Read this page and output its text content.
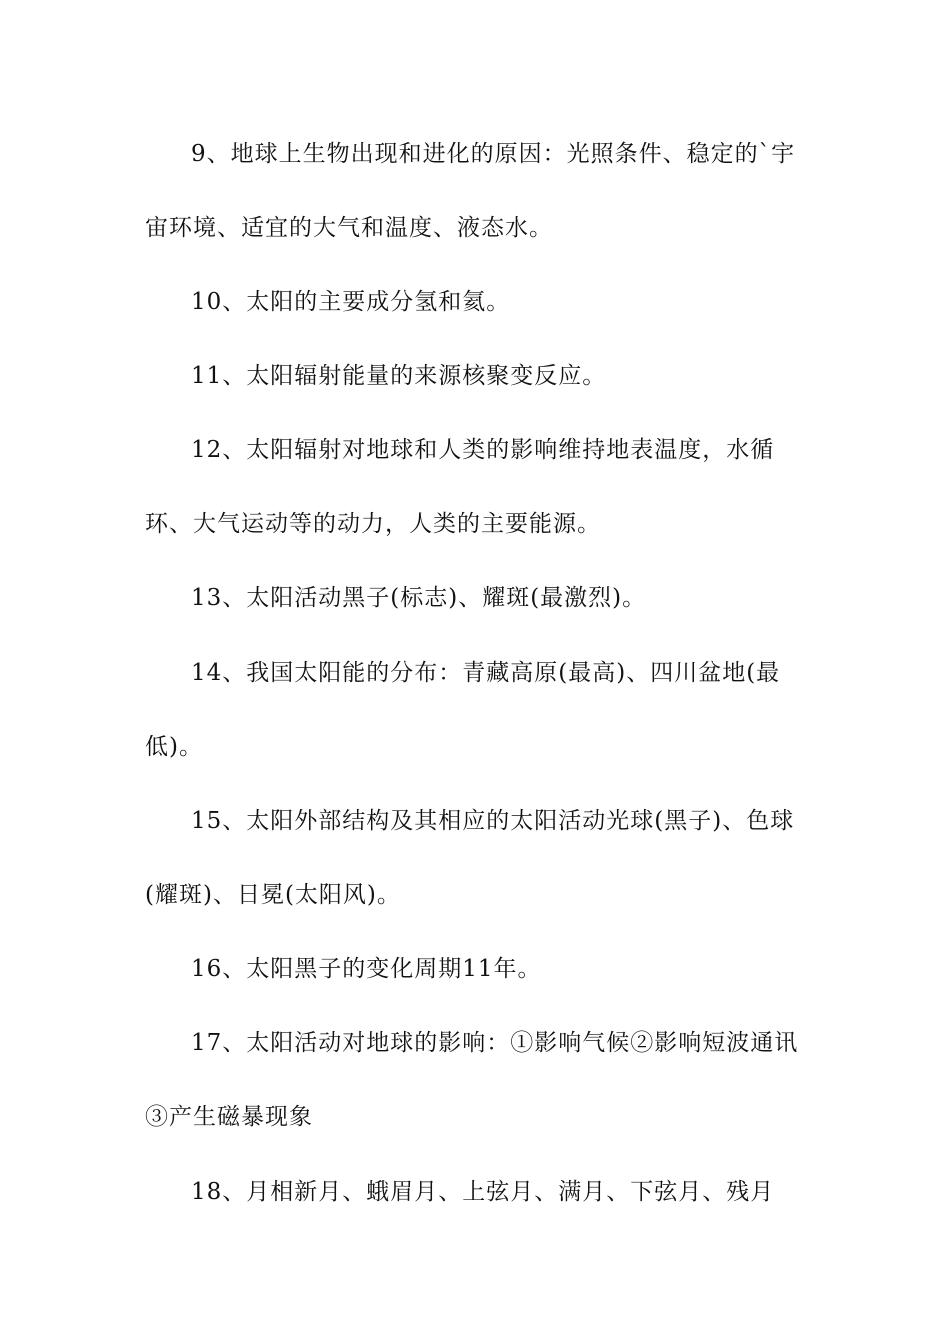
9、地球上生物出现和进化的原因：光照条件、稳定的`宇宙环境、适宜的大气和温度、液态水。

10、太阳的主要成分氢和氦。

11、太阳辐射能量的来源核聚变反应。

12、太阳辐射对地球和人类的影响维持地表温度，水循环、大气运动等的动力，人类的主要能源。

13、太阳活动黑子(标志)、耀斑(最激烈)。

14、我国太阳能的分布：青藏高原(最高)、四川盆地(最低)。

15、太阳外部结构及其相应的太阳活动光球(黑子)、色球(耀斑)、日冕(太阳风)。

16、太阳黑子的变化周期11年。

17、太阳活动对地球的影响：①影响气候②影响短波通讯③产生磁暴现象

18、月相新月、蛾眉月、上弦月、满月、下弦月、残月
